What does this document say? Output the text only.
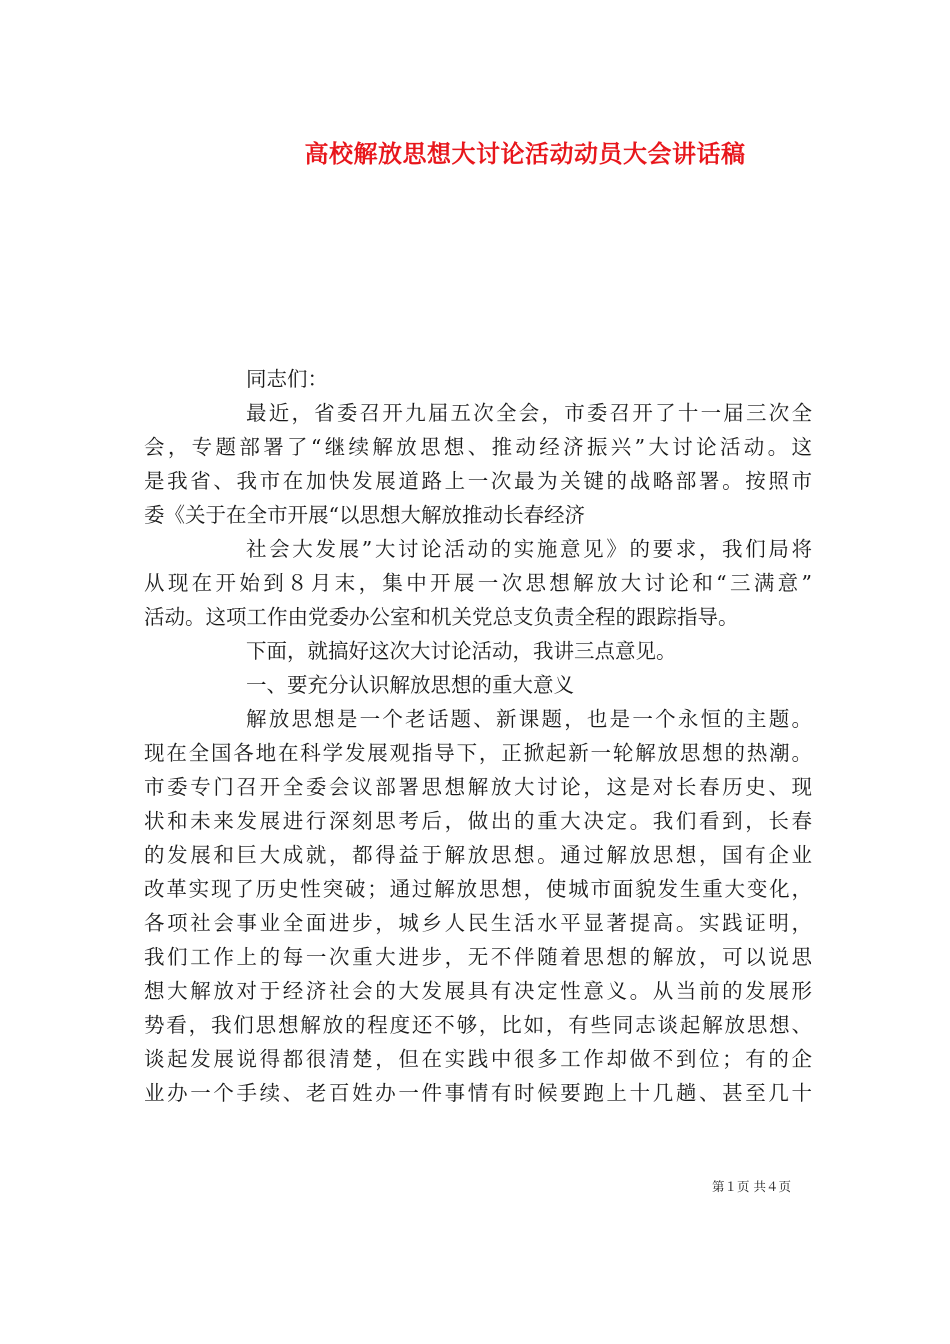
高校解放思想大讨论活动动员大会讲话稿
同志们：
最近，省委召开九届五次全会，市委召开了十一届三次全
会，专题部署了“继续解放思想、推动经济振兴”大讨论活动。这
是我省、我市在加快发展道路上一次最为关键的战略部署。按照市
委《关于在全市开展“以思想大解放推动长春经济
社会大发展”大讨论活动的实施意见》的要求，我们局将
从现在开始到８月末，集中开展一次思想解放大讨论和“三满意”
活动。这项工作由党委办公室和机关党总支负责全程的跟踪指导。
下面，就搞好这次大讨论活动，我讲三点意见。
一、要充分认识解放思想的重大意义
解放思想是一个老话题、新课题，也是一个永恒的主题。
现在全国各地在科学发展观指导下，正掀起新一轮解放思想的热潮。
市委专门召开全委会议部署思想解放大讨论，这是对长春历史、现
状和未来发展进行深刻思考后，做出的重大决定。我们看到，长春
的发展和巨大成就，都得益于解放思想。通过解放思想，国有企业
改革实现了历史性突破；通过解放思想，使城市面貌发生重大变化，
各项社会事业全面进步，城乡人民生活水平显著提高。实践证明，
我们工作上的每一次重大进步，无不伴随着思想的解放，可以说思
想大解放对于经济社会的大发展具有决定性意义。从当前的发展形
势看，我们思想解放的程度还不够，比如，有些同志谈起解放思想、
谈起发展说得都很清楚，但在实践中很多工作却做不到位；有的企
业办一个手续、老百姓办一件事情有时候要跑上十几趟、甚至几十
第１页 共４页
